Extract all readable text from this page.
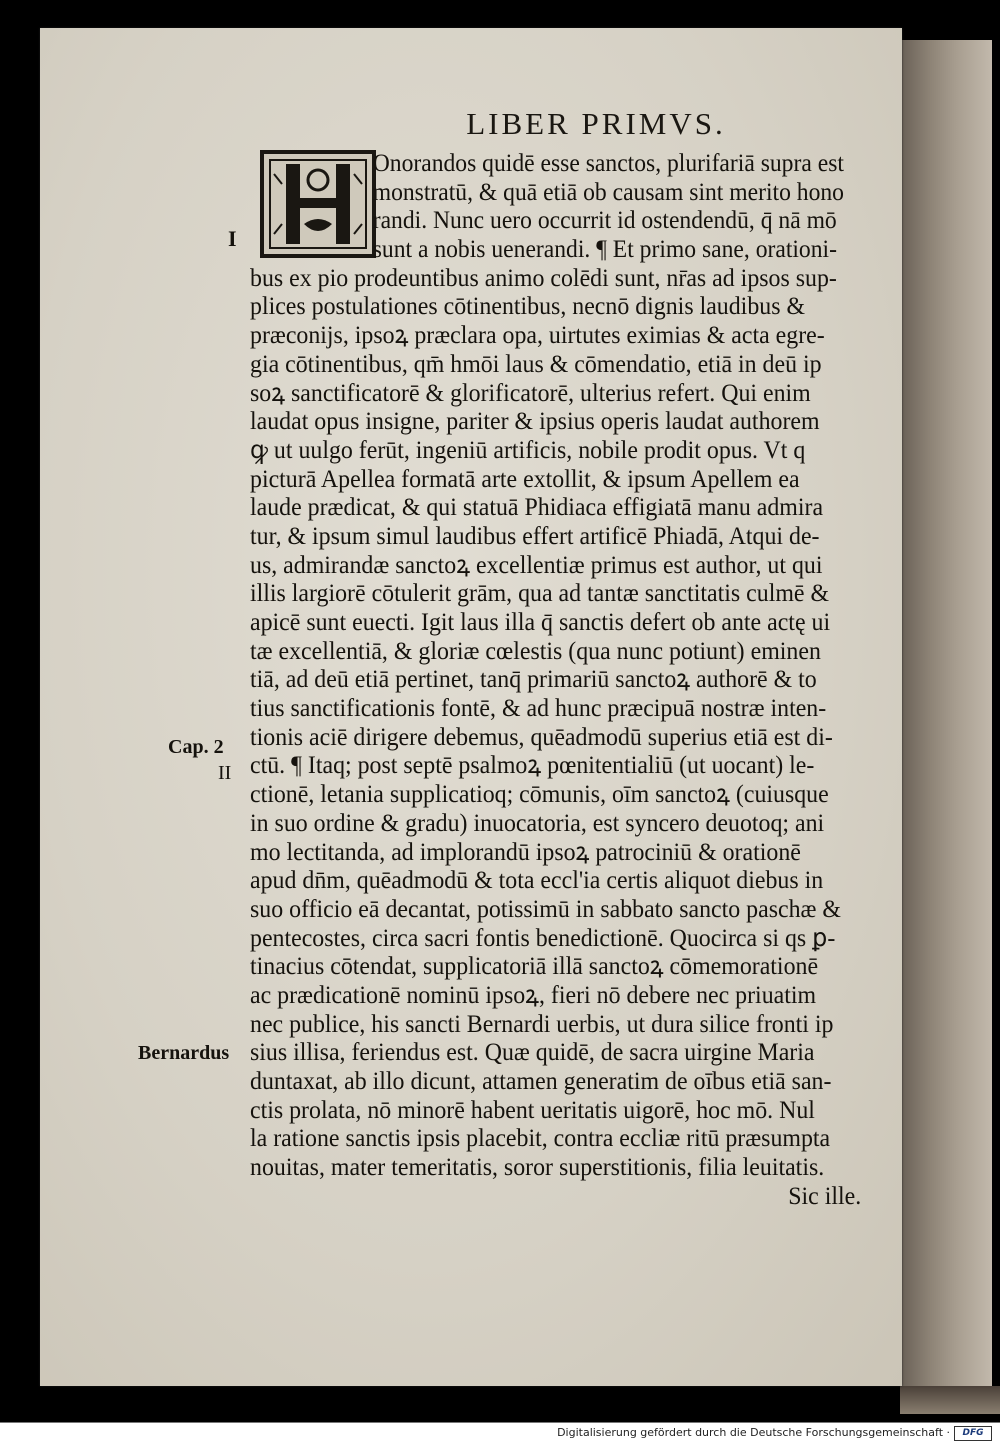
LIBER PRIMVS.
Onorandos quidē esse sanctos, plurifariā supra est
monstratū, & quā etiā ob causam sint merito hono
randi. Nunc uero occurrit id ostendendū, q̄ nā mō
sunt a nobis uenerandi. ¶ Et primo sane, orationi-
bus ex pio prodeuntibus animo colēdi sunt, nr̄as ad ipsos sup-
plices postulationes cōtinentibus, necnō dignis laudibus &
præconijs, ipsoꝝ præclara opa, uirtutes eximias & acta egre-
gia cōtinentibus, qm̄ hmōi laus & cōmendatio, etiā in deū ip
soꝝ sanctificatorē & glorificatorē, ulterius refert. Qui enim
laudat opus insigne, pariter & ipsius operis laudat authorem
ꝙ ut uulgo ferūt, ingeniū artificis, nobile prodit opus. Vt q
picturā Apellea formatā arte extollit, & ipsum Apellem ea
laude prædicat, & qui statuā Phidiaca effigiatā manu admira
tur, & ipsum simul laudibus effert artificē Phiadā, Atqui de-
us, admirandæ sanctoꝝ excellentiæ primus est author, ut qui
illis largiorē cōtulerit grām, qua ad tantæ sanctitatis culmē &
apicē sunt euecti. Igit laus illa q̄ sanctis defert ob ante actę ui
tæ excellentiā, & gloriæ cœlestis (qua nunc potiunt) eminen
tiā, ad deū etiā pertinet, tanq̄ primariū sanctoꝝ authorē & to
tius sanctificationis fontē, & ad hunc præcipuā nostræ inten-
tionis aciē dirigere debemus, quēadmodū superius etiā est di-
ctū. ¶ Itaq; post septē psalmoꝝ pœnitentialiū (ut uocant) le-
ctionē, letania supplicatioq; cōmunis, oīm sanctoꝝ (cuiusque
in suo ordine & gradu) inuocatoria, est syncero deuotoq; ani
mo lectitanda, ad implorandū ipsoꝝ patrociniū & orationē
apud dn̄m, quēadmodū & tota eccl'ia certis aliquot diebus in
suo officio eā decantat, potissimū in sabbato sancto paschæ &
pentecostes, circa sacri fontis benedictionē. Quocirca si qs ꝑ-
tinacius cōtendat, supplicatoriā illā sanctoꝝ cōmemorationē
ac prædicationē nominū ipsoꝝ, fieri nō debere nec priuatim
nec publice, his sancti Bernardi uerbis, ut dura silice fronti ip
sius illisa, feriendus est. Quæ quidē, de sacra uirgine Maria
duntaxat, ab illo dicunt, attamen generatim de oībus etiā san-
ctis prolata, nō minorē habent ueritatis uigorē, hoc mō. Nul
la ratione sanctis ipsis placebit, contra eccliæ ritū præsumpta
nouitas, mater temeritatis, soror superstitionis, filia leuitatis.
Sic ille.
I
Cap. 2
II
Bernardus
Digitalisierung gefördert durch die Deutsche Forschungsgemeinschaft ·	DFG
